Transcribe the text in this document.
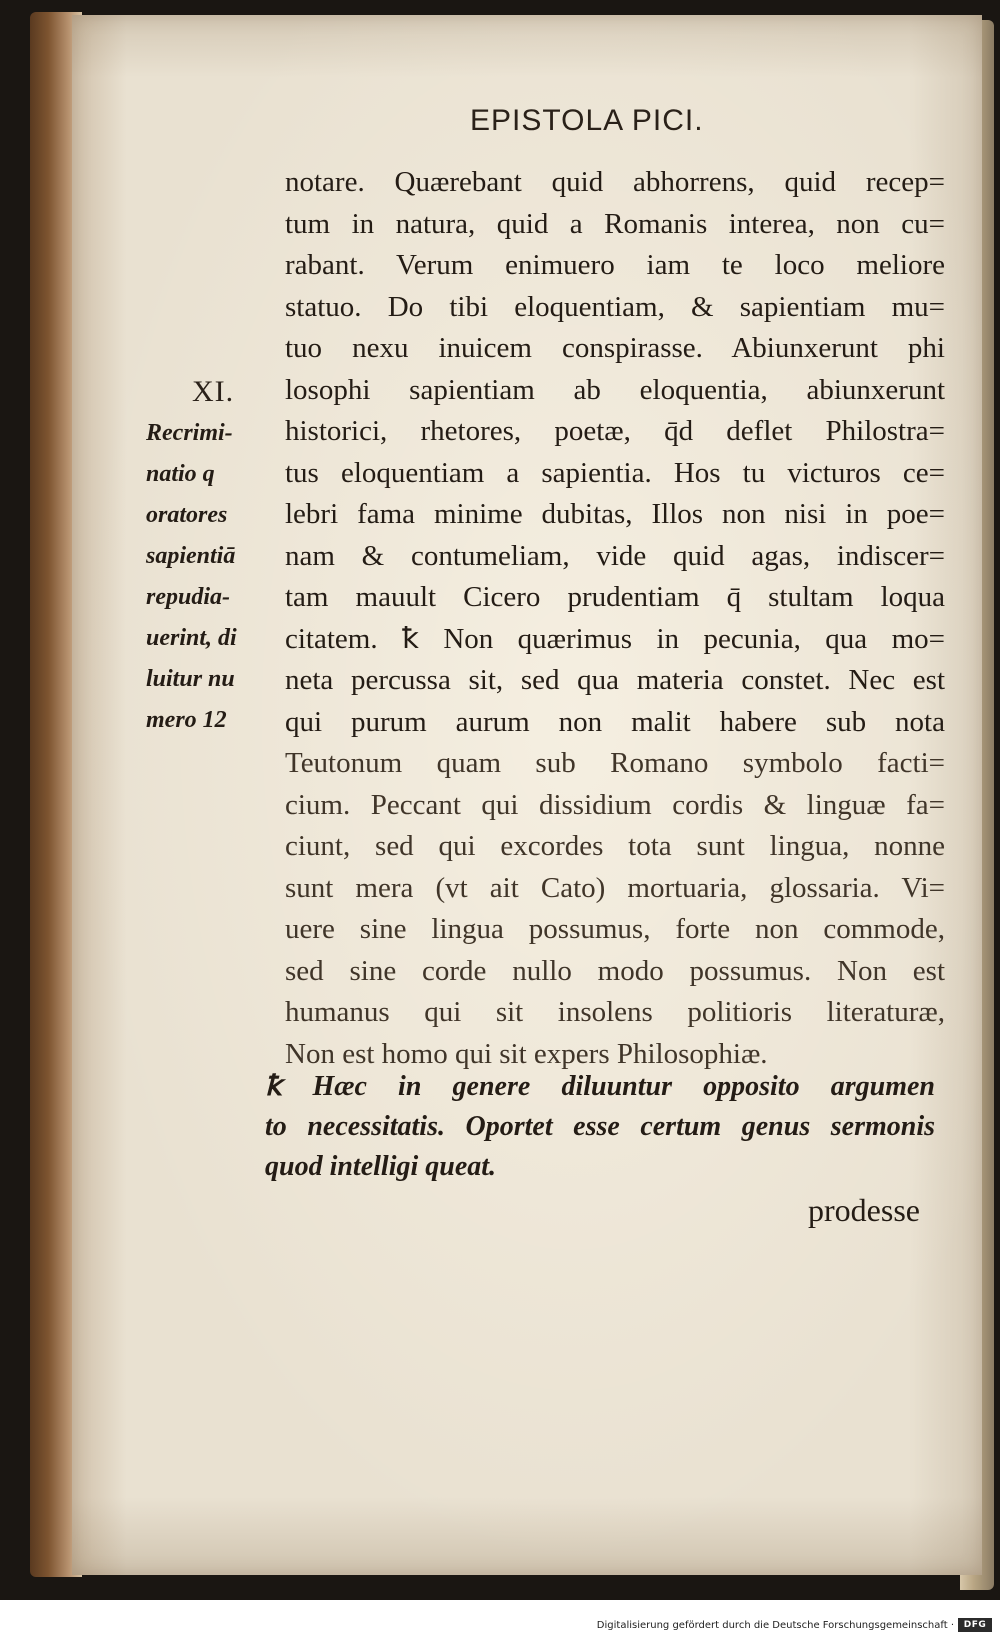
EPISTOLA PICI.
XI.
Recrimi-
natio q
oratores
sapientiā
repudia-
uerint, di
luitur nu
mero 12
notare. Quærebant quid abhorrens, quid recep=
tum in natura, quid a Romanis interea, non cu=
rabant. Verum enimuero iam te loco meliore
statuo. Do tibi eloquentiam, & sapientiam mu=
tuo nexu inuicem conspirasse. Abiunxerunt phi
losophi sapientiam ab eloquentia, abiunxerunt
historici, rhetores, poetæ, q̄d deflet Philostra=
tus eloquentiam a sapientia. Hos tu victuros ce=
lebri fama minime dubitas, Illos non nisi in poe=
nam & contumeliam, vide quid agas, indiscer=
tam mauult Cicero prudentiam q̄ stultam loqua
citatem. ꝁ Non quærimus in pecunia, qua mo=
neta percussa sit, sed qua materia constet. Nec est
qui purum aurum non malit habere sub nota
Teutonum quam sub Romano symbolo facti=
cium. Peccant qui dissidium cordis & linguæ fa=
ciunt, sed qui excordes tota sunt lingua, nonne
sunt mera (vt ait Cato) mortuaria, glossaria. Vi=
uere sine lingua possumus, forte non commode,
sed sine corde nullo modo possumus. Non est
humanus qui sit insolens politioris literaturæ,
Non est homo qui sit expers Philosophiæ.
ꝁ Hæc in genere diluuntur opposito argumen
to necessitatis. Oportet esse certum genus sermonis
quod intelligi queat.
prodesse
Digitalisierung gefördert durch die Deutsche Forschungsgemeinschaft ·	DFG
